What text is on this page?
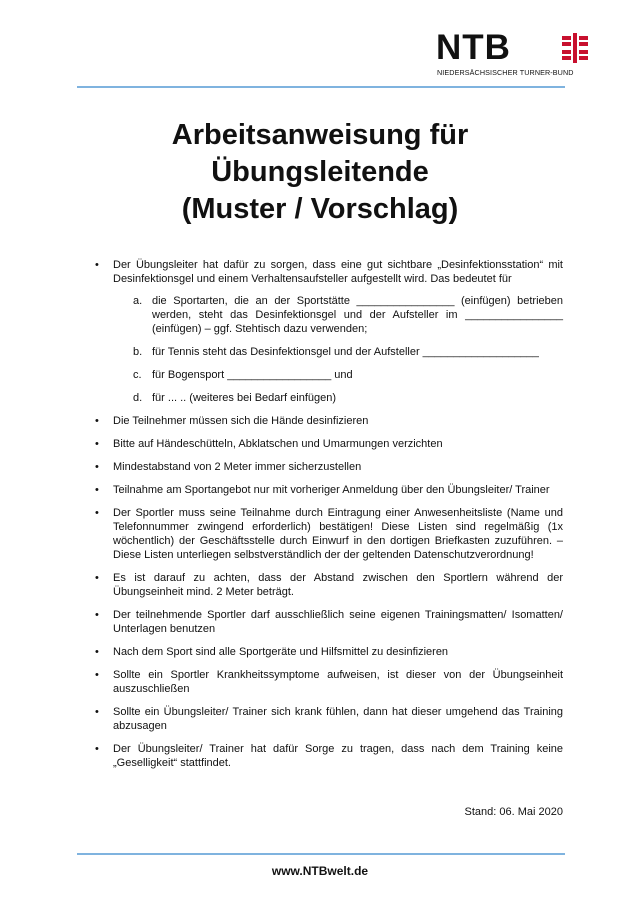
NTB
NIEDERSÄCHSISCHER TURNER-BUND
Arbeitsanweisung für
Übungsleitende
(Muster / Vorschlag)
• Der Übungsleiter hat dafür zu sorgen, dass eine gut sichtbare „Desinfektionsstation“ mit Desinfektionsgel und einem Verhaltensaufsteller aufgestellt wird. Das bedeutet für
a. die Sportarten, die an der Sportstätte ________________ (einfügen) betrieben werden, steht das Desinfektionsgel und der Aufsteller im ________________ (einfügen) – ggf. Stehtisch dazu verwenden;
b. für Tennis steht das Desinfektionsgel und der Aufsteller ___________________
c. für Bogensport _________________ und
d. für ... .. (weiteres bei Bedarf einfügen)
• Die Teilnehmer müssen sich die Hände desinfizieren
• Bitte auf Händeschütteln, Abklatschen und Umarmungen verzichten
• Mindestabstand von 2 Meter immer sicherzustellen
• Teilnahme am Sportangebot nur mit vorheriger Anmeldung über den Übungsleiter/ Trainer
• Der Sportler muss seine Teilnahme durch Eintragung einer Anwesenheitsliste (Name und Telefonnummer zwingend erforderlich) bestätigen! Diese Listen sind regelmäßig (1x wöchentlich) der Geschäftsstelle durch Einwurf in den dortigen Briefkasten zuzuführen. – Diese Listen unterliegen selbstverständlich der der geltenden Datenschutzverordnung!
• Es ist darauf zu achten, dass der Abstand zwischen den Sportlern während der Übungseinheit mind. 2 Meter beträgt.
• Der teilnehmende Sportler darf ausschließlich seine eigenen Trainingsmatten/ Isomatten/ Unterlagen benutzen
• Nach dem Sport sind alle Sportgeräte und Hilfsmittel zu desinfizieren
• Sollte ein Sportler Krankheitssymptome aufweisen, ist dieser von der Übungseinheit auszuschließen
• Sollte ein Übungsleiter/ Trainer sich krank fühlen, dann hat dieser umgehend das Training abzusagen
• Der Übungsleiter/ Trainer hat dafür Sorge zu tragen, dass nach dem Training keine „Geselligkeit“ stattfindet.
Stand: 06. Mai 2020
www.NTBwelt.de
